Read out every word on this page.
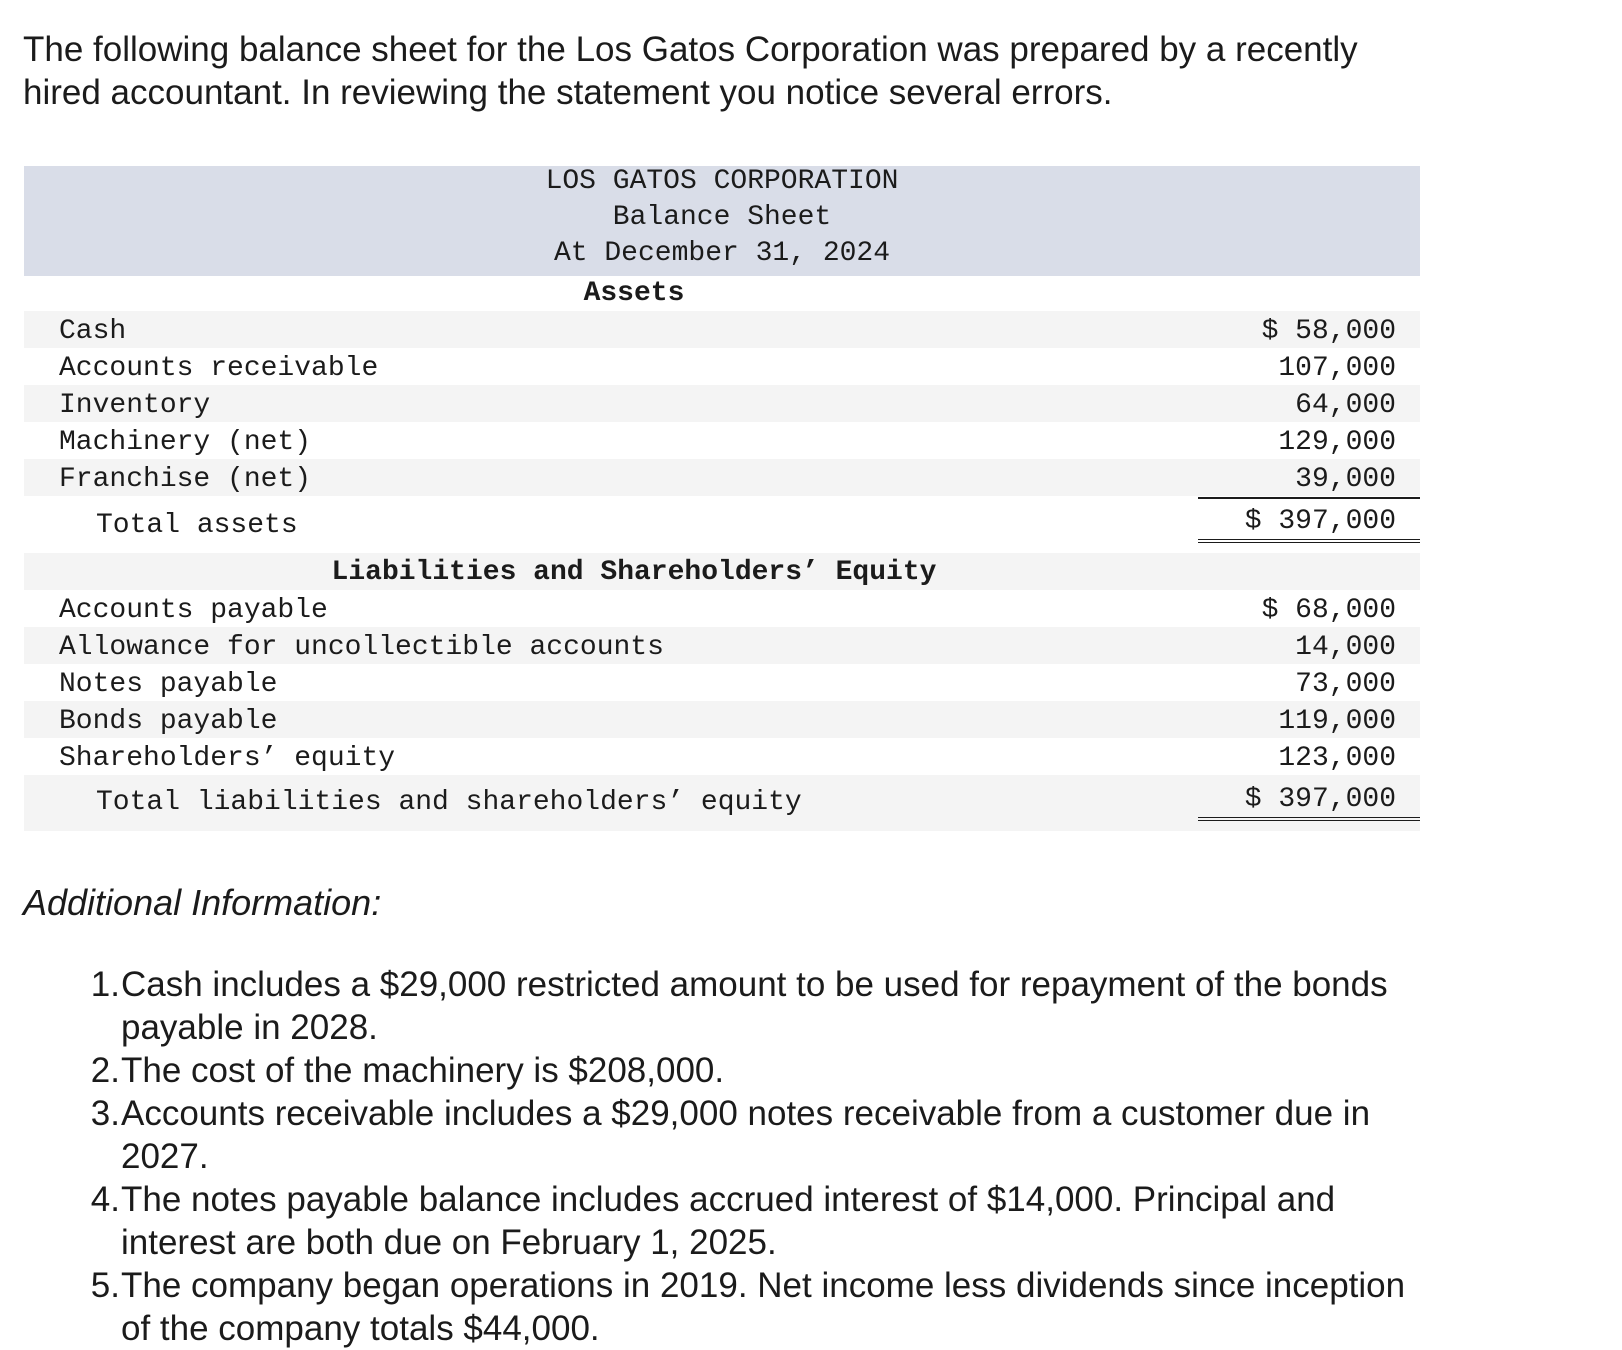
The following balance sheet for the Los Gatos Corporation was prepared by a recently
hired accountant. In reviewing the statement you notice several errors.

LOS GATOS CORPORATION
Balance Sheet
At December 31, 2024
Assets
Cash	$ 58,000
Accounts receivable	107,000
Inventory	64,000
Machinery (net)	129,000
Franchise (net)	39,000
Total assets	$ 397,000
Liabilities and Shareholders’ Equity
Accounts payable	$ 68,000
Allowance for uncollectible accounts	14,000
Notes payable	73,000
Bonds payable	119,000
Shareholders’ equity	123,000
Total liabilities and shareholders’ equity	$ 397,000
Additional Information:
1. Cash includes a $29,000 restricted amount to be used for repayment of the bonds
payable in 2028.
2. The cost of the machinery is $208,000.
3. Accounts receivable includes a $29,000 notes receivable from a customer due in
2027.
4. The notes payable balance includes accrued interest of $14,000. Principal and
interest are both due on February 1, 2025.
5. The company began operations in 2019. Net income less dividends since inception
of the company totals $44,000.
